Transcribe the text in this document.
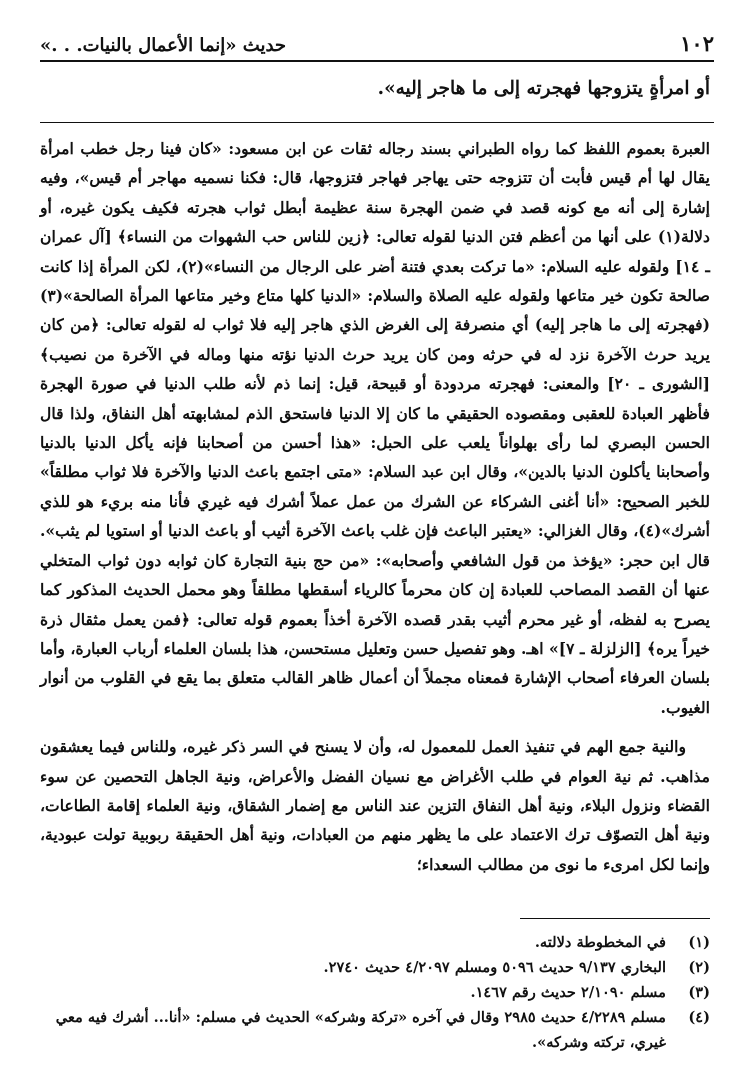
١٠٢
حديث «إنما الأعمال بالنيات. . .»
أو امرأةٍ يتزوجها فهجرته إلى ما هاجر إليه».

العبرة بعموم اللفظ كما رواه الطبراني بسند رجاله ثقات عن ابن مسعود: «كان فينا رجل خطب امرأة يقال لها أم قيس فأبت أن تتزوجه حتى يهاجر فهاجر فتزوجها، قال: فكنا نسميه مهاجر أم قيس»، وفيه إشارة إلى أنه مع كونه قصد في ضمن الهجرة سنة عظيمة أبطل ثواب هجرته فكيف يكون غيره، أو دلالة(١) على أنها من أعظم فتن الدنيا لقوله تعالى: ﴿زين للناس حب الشهوات من النساء﴾ [آل عمران ـ ١٤] ولقوله عليه السلام: «ما تركت بعدي فتنة أضر على الرجال من النساء»(٢)، لكن المرأة إذا كانت صالحة تكون خير متاعها ولقوله عليه الصلاة والسلام: «الدنيا كلها متاع وخير متاعها المرأة الصالحة»(٣) (فهجرته إلى ما هاجر إليه) أي منصرفة إلى الغرض الذي هاجر إليه فلا ثواب له لقوله تعالى: ﴿من كان يريد حرث الآخرة نزد له في حرثه ومن كان يريد حرث الدنيا نؤته منها وماله في الآخرة من نصيب﴾ [الشورى ـ ٢٠] والمعنى: فهجرته مردودة أو قبيحة، قيل: إنما ذم لأنه طلب الدنيا في صورة الهجرة فأظهر العبادة للعقبى ومقصوده الحقيقي ما كان إلا الدنيا فاستحق الذم لمشابهته أهل النفاق، ولذا قال الحسن البصري لما رأى بهلواناً يلعب على الحبل: «هذا أحسن من أصحابنا فإنه يأكل الدنيا بالدنيا وأصحابنا يأكلون الدنيا بالدين»، وقال ابن عبد السلام: «متى اجتمع باعث الدنيا والآخرة فلا ثواب مطلقاً» للخبر الصحيح: «أنا أغنى الشركاء عن الشرك من عمل عملاً أشرك فيه غيري فأنا منه بريء هو للذي أشرك»(٤)، وقال الغزالي: «يعتبر الباعث فإن غلب باعث الآخرة أثيب أو باعث الدنيا أو استويا لم يثب». قال ابن حجر: «يؤخذ من قول الشافعي وأصحابه»: «من حج بنية التجارة كان ثوابه دون ثواب المتخلي عنها أن القصد المصاحب للعبادة إن كان محرماً كالرياء أسقطها مطلقاً وهو محمل الحديث المذكور كما يصرح به لفظه، أو غير محرم أثيب بقدر قصده الآخرة أخذاً بعموم قوله تعالى: ﴿فمن يعمل مثقال ذرة خيراً يره﴾ [الزلزلة ـ ٧]» اهـ. وهو تفصيل حسن وتعليل مستحسن، هذا بلسان العلماء أرباب العبارة، وأما بلسان العرفاء أصحاب الإشارة فمعناه مجملاً أن أعمال ظاهر القالب متعلق بما يقع في القلوب من أنوار الغيوب.

والنية جمع الهم في تنفيذ العمل للمعمول له، وأن لا يسنح في السر ذكر غيره، وللناس فيما يعشقون مذاهب. ثم نية العوام في طلب الأغراض مع نسيان الفضل والأعراض، ونية الجاهل التحصين عن سوء القضاء ونزول البلاء، ونية أهل النفاق التزين عند الناس مع إضمار الشقاق، ونية العلماء إقامة الطاعات، ونية أهل التصوّف ترك الاعتماد على ما يظهر منهم من العبادات، ونية أهل الحقيقة ربوبية تولت عبودية، وإنما لكل امرىء ما نوى من مطالب السعداء؛

(١)
في المخطوطة دلالته.
(٢)
البخاري ٩/١٣٧ حديث ٥٠٩٦ ومسلم ٤/٢٠٩٧ حديث ٢٧٤٠.
(٣)
مسلم ٢/١٠٩٠ حديث رقم ١٤٦٧.
(٤)
مسلم ٤/٢٢٨٩ حديث ٢٩٨٥ وقال في آخره «تركة وشركه» الحديث في مسلم: «أنا... أشرك فيه معي غيري، تركته وشركه».
